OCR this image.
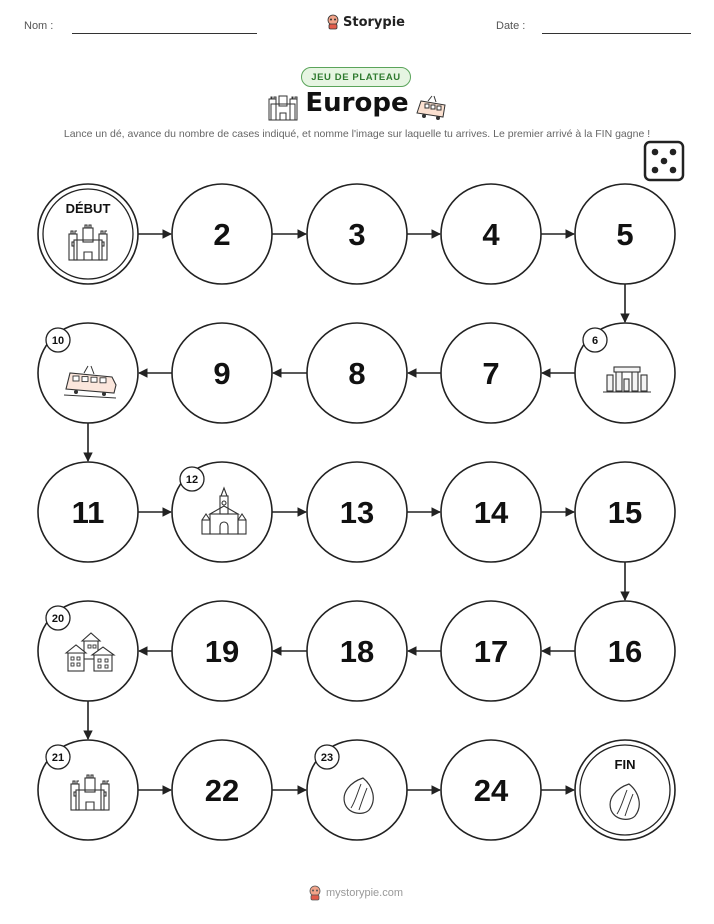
Nom :	Storypie	Date :
JEU DE PLATEAU
Europe
Lance un dé, avance du nombre de cases indiqué, et nomme l'image sur laquelle tu arrives. Le premier arrivé à la FIN gagne !
DÉBUT
2	3	4	5
6
7
8
9
10
11
12
13	14	15
16
17
18
19
20
21
22
23
24
FIN
mystorypie.com
